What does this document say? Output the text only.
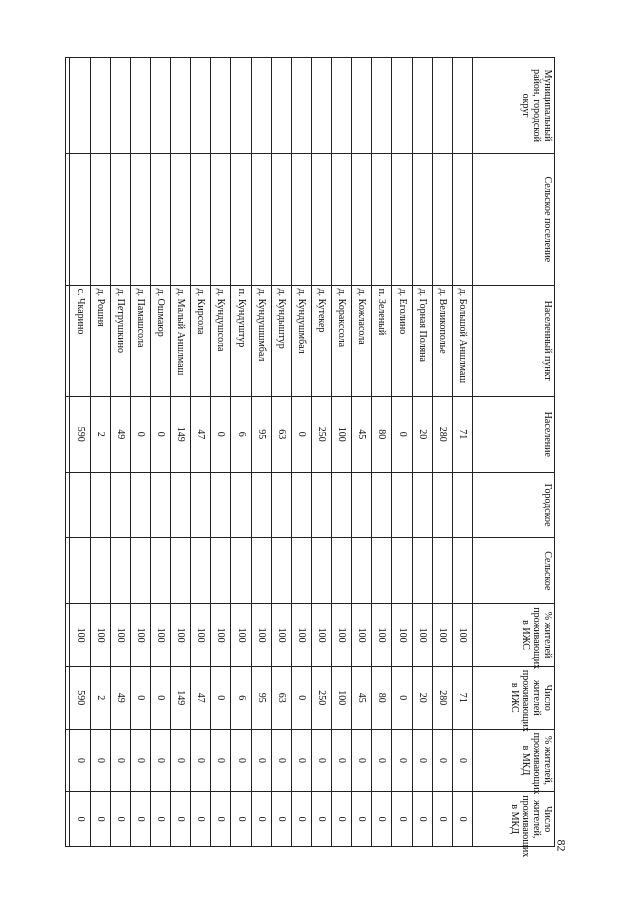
82
Муниципальный район, городской округ	Сельское поселение	Населенный пункт	Население	Городское	Сельское	% жителей проживающих в ИЖС	Число жителей проживающих в ИЖС	% жителей, проживающих в МКД	Число жителей, проживающих в МКД
		д. Большой Аншлмаш	71			100	71	0	0
		д. Великополье	280			100	280	0	0
		д. Горная Поляна	20			100	20	0	0
		д. Еголино	0			100	0	0	0
		п. Зеленый	80			100	80	0	0
		д. Кожласола	45			100	45	0	0
		д. Коракссола	100			100	100	0	0
		д. Кутекер	250			100	250	0	0
		д. Кундушмбал	0			100	0	0	0
		д. Кундыштур	63			100	63	0	0
		д. Кундушшмбал	95			100	95	0	0
		п. Кундуштур	6			100	6	0	0
		д. Кундушсола	0			100	0	0	0
		д. Кирсола	47			100	47	0	0
		д. Малый Аншлмаш	149			100	149	0	0
		д. Ошмаюр	0			100	0	0	0
		д. Памашсола	0			100	0	0	0
		д. Петрушкино	49			100	49	0	0
		д. Рошня	2			100	2	0	0
		с. Чкарино	590			100	590	0	0
